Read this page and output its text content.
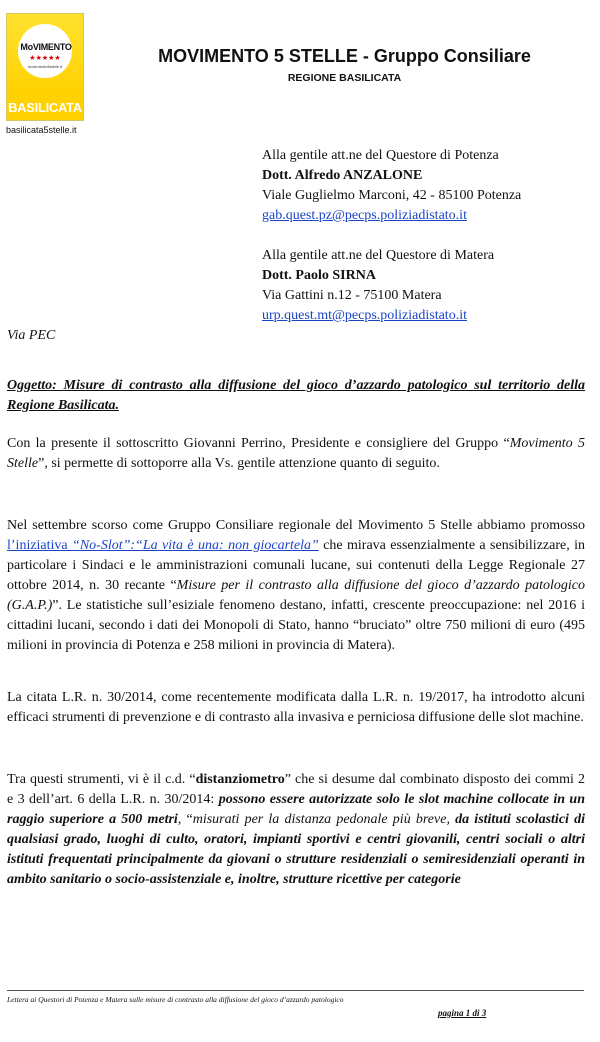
MoVIMENTO
★★★★★
movimento5stelle.it
BASILICATA
basilicata5stelle.it
MOVIMENTO 5 STELLE - Gruppo Consiliare
REGIONE BASILICATA
Alla gentile att.ne del Questore di Potenza
Dott. Alfredo ANZALONE
Viale Guglielmo Marconi, 42 - 85100 Potenza
gab.quest.pz@pecps.poliziadistato.it
Alla gentile att.ne del Questore di Matera
Dott. Paolo SIRNA
Via Gattini n.12 - 75100 Matera
urp.quest.mt@pecps.poliziadistato.it
Via PEC
Oggetto: Misure di contrasto alla diffusione del gioco d’azzardo patologico sul territorio della Regione Basilicata.
Con la presente il sottoscritto Giovanni Perrino, Presidente e consigliere del Gruppo “Movimento 5 Stelle”, si permette di sottoporre alla Vs. gentile attenzione quanto di seguito.
Nel settembre scorso come Gruppo Consiliare regionale del Movimento 5 Stelle abbiamo promosso l’iniziativa “No-Slot”:“La vita è una: non giocartela” che mirava essenzialmente a sensibilizzare, in particolare i Sindaci e le amministrazioni comunali lucane, sui contenuti della Legge Regionale 27 ottobre 2014, n. 30 recante “Misure per il contrasto alla diffusione del gioco d’azzardo patologico (G.A.P.)”. Le statistiche sull’esiziale fenomeno destano, infatti, crescente preoccupazione: nel 2016 i cittadini lucani, secondo i dati dei Monopoli di Stato, hanno “bruciato” oltre 750 milioni di euro (495 milioni in provincia di Potenza e 258 milioni in provincia di Matera).
La citata L.R. n. 30/2014, come recentemente modificata dalla L.R. n. 19/2017, ha introdotto alcuni efficaci strumenti di prevenzione e di contrasto alla invasiva e perniciosa diffusione delle slot machine.
Tra questi strumenti, vi è il c.d. “distanziometro” che si desume dal combinato disposto dei commi 2 e 3 dell’art. 6 della L.R. n. 30/2014: possono essere autorizzate solo le slot machine collocate in un raggio superiore a 500 metri, “misurati per la distanza pedonale più breve, da istituti scolastici di qualsiasi grado, luoghi di culto, oratori, impianti sportivi e centri giovanili, centri sociali o altri istituti frequentati principalmente da giovani o strutture residenziali o semiresidenziali operanti in ambito sanitario o socio-assistenziale e, inoltre, strutture ricettive per categorie
Lettera ai Questori di Potenza e Matera sulle misure di contrasto alla diffusione del gioco d’azzardo patologico
pagina 1 di 3
